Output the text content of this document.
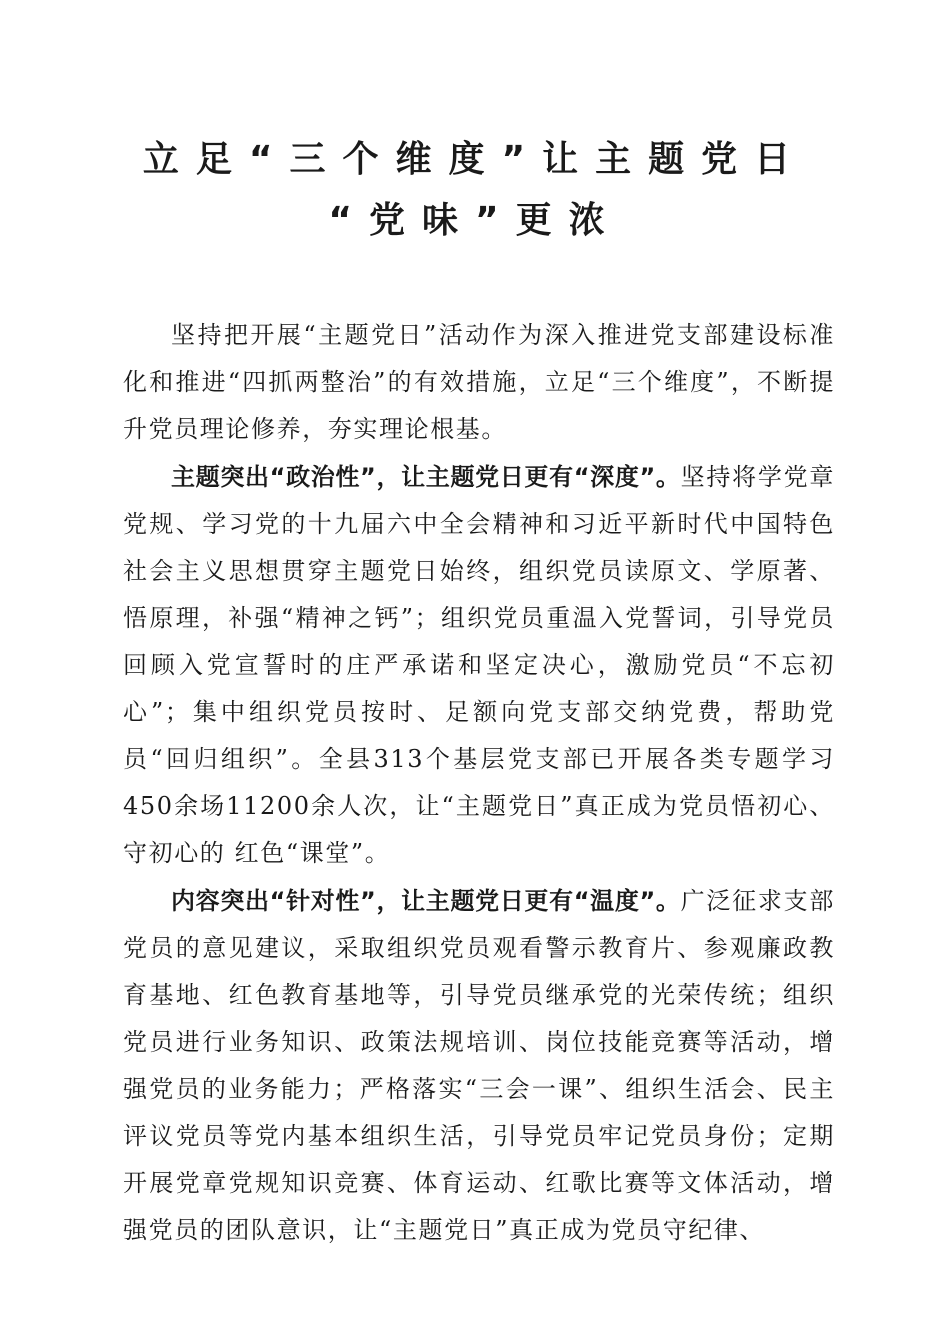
立足“三个维度”让主题党日
“党味”更浓

坚持把开展“主题党日”活动作为深入推进党支部建设标准化和推进“四抓两整治”的有效措施，立足“三个维度”，不断提升党员理论修养，夯实理论根基。

主题突出“政治性”，让主题党日更有“深度”。坚持将学党章党规、学习党的十九届六中全会精神和习近平新时代中国特色社会主义思想贯穿主题党日始终，组织党员读原文、学原著、悟原理，补强“精神之钙”；组织党员重温入党誓词，引导党员回顾入党宣誓时的庄严承诺和坚定决心，激励党员“不忘初心”；集中组织党员按时、足额向党支部交纳党费，帮助党员“回归组织”。全县313个基层党支部已开展各类专题学习450余场11200余人次，让“主题党日”真正成为党员悟初心、守初心的 红色“课堂”。

内容突出“针对性”，让主题党日更有“温度”。广泛征求支部党员的意见建议，采取组织党员观看警示教育片、参观廉政教育基地、红色教育基地等，引导党员继承党的光荣传统；组织党员进行业务知识、政策法规培训、岗位技能竞赛等活动，增强党员的业务能力；严格落实“三会一课”、组织生活会、民主评议党员等党内基本组织生活，引导党员牢记党员身份；定期开展党章党规知识竞赛、体育运动、红歌比赛等文体活动，增强党员的团队意识，让“主题党日”真正成为党员守纪律、
